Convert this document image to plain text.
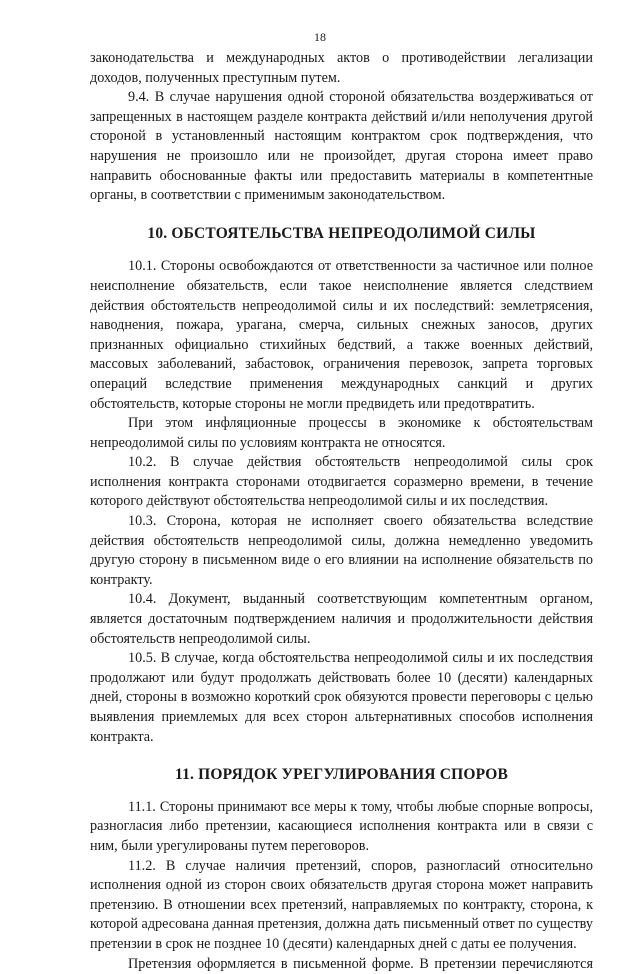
18

законодательства и международных актов о противодействии легализации доходов, полученных преступным путем.

9.4. В случае нарушения одной стороной обязательства воздерживаться от запрещенных в настоящем разделе контракта действий и/или неполучения другой стороной в установленный настоящим контрактом срок подтверждения, что нарушения не произошло или не произойдет, другая сторона имеет право направить обоснованные факты или предоставить материалы в компетентные органы, в соответствии с применимым законодательством.

10. ОБСТОЯТЕЛЬСТВА НЕПРЕОДОЛИМОЙ СИЛЫ

10.1. Стороны освобождаются от ответственности за частичное или полное неисполнение обязательств, если такое неисполнение является следствием действия обстоятельств непреодолимой силы и их последствий: землетрясения, наводнения, пожара, урагана, смерча, сильных снежных заносов, других признанных официально стихийных бедствий, а также военных действий, массовых заболеваний, забастовок, ограничения перевозок, запрета торговых операций вследствие применения международных санкций и других обстоятельств, которые стороны не могли предвидеть или предотвратить.

При этом инфляционные процессы в экономике к обстоятельствам непреодолимой силы по условиям контракта не относятся.

10.2. В случае действия обстоятельств непреодолимой силы срок исполнения контракта сторонами отодвигается соразмерно времени, в течение которого действуют обстоятельства непреодолимой силы и их последствия.

10.3. Сторона, которая не исполняет своего обязательства вследствие действия обстоятельств непреодолимой силы, должна немедленно уведомить другую сторону в письменном виде о его влиянии на исполнение обязательств по контракту.

10.4. Документ, выданный соответствующим компетентным органом, является достаточным подтверждением наличия и продолжительности действия обстоятельств непреодолимой силы.

10.5. В случае, когда обстоятельства непреодолимой силы и их последствия продолжают или будут продолжать действовать более 10 (десяти) календарных дней, стороны в возможно короткий срок обязуются провести переговоры с целью выявления приемлемых для всех сторон альтернативных способов исполнения контракта.

11. ПОРЯДОК УРЕГУЛИРОВАНИЯ СПОРОВ

11.1. Стороны принимают все меры к тому, чтобы любые спорные вопросы, разногласия либо претензии, касающиеся исполнения контракта или в связи с ним, были урегулированы путем переговоров.

11.2. В случае наличия претензий, споров, разногласий относительно исполнения одной из сторон своих обязательств другая сторона может направить претензию. В отношении всех претензий, направляемых по контракту, сторона, к которой адресована данная претензия, должна дать письменный ответ по существу претензии в срок не позднее 10 (десяти) календарных дней с даты ее получения.

Претензия оформляется в письменной форме. В претензии перечисляются
